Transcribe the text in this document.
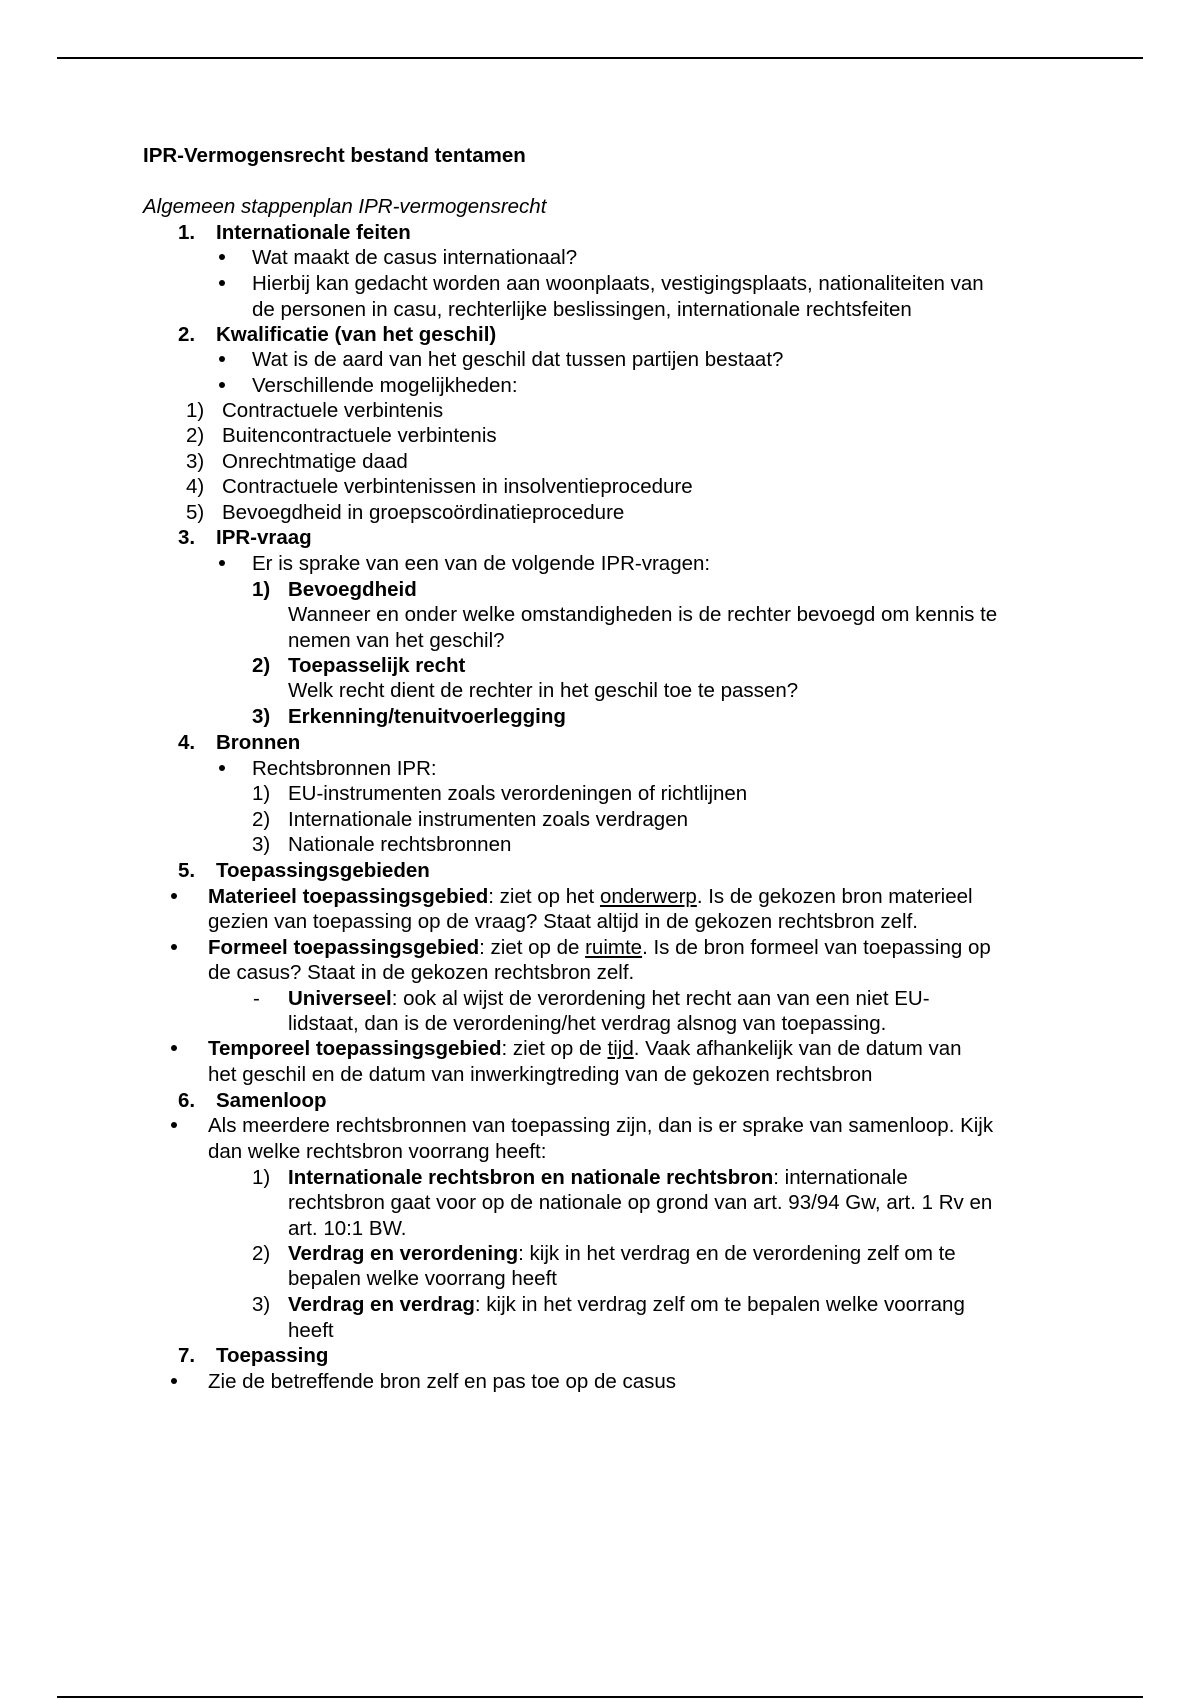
IPR-Vermogensrecht bestand tentamen
Algemeen stappenplan IPR-vermogensrecht
1. Internationale feiten
Wat maakt de casus internationaal?
Hierbij kan gedacht worden aan woonplaats, vestigingsplaats, nationaliteiten van
de personen in casu, rechterlijke beslissingen, internationale rechtsfeiten
2. Kwalificatie (van het geschil)
Wat is de aard van het geschil dat tussen partijen bestaat?
Verschillende mogelijkheden:
1) Contractuele verbintenis
2) Buitencontractuele verbintenis
3) Onrechtmatige daad
4) Contractuele verbintenissen in insolventieprocedure
5) Bevoegdheid in groepscoördinatieprocedure
3. IPR-vraag
Er is sprake van een van de volgende IPR-vragen:
1) Bevoegdheid
Wanneer en onder welke omstandigheden is de rechter bevoegd om kennis te
nemen van het geschil?
2) Toepasselijk recht
Welk recht dient de rechter in het geschil toe te passen?
3) Erkenning/tenuitvoerlegging
4. Bronnen
Rechtsbronnen IPR:
1) EU-instrumenten zoals verordeningen of richtlijnen
2) Internationale instrumenten zoals verdragen
3) Nationale rechtsbronnen
5. Toepassingsgebieden
Materieel toepassingsgebied: ziet op het onderwerp. Is de gekozen bron materieel
gezien van toepassing op de vraag? Staat altijd in de gekozen rechtsbron zelf.
Formeel toepassingsgebied: ziet op de ruimte. Is de bron formeel van toepassing op
de casus? Staat in de gekozen rechtsbron zelf.
- Universeel: ook al wijst de verordening het recht aan van een niet EU-
lidstaat, dan is de verordening/het verdrag alsnog van toepassing.
Temporeel toepassingsgebied: ziet op de tijd. Vaak afhankelijk van de datum van
het geschil en de datum van inwerkingtreding van de gekozen rechtsbron
6. Samenloop
Als meerdere rechtsbronnen van toepassing zijn, dan is er sprake van samenloop. Kijk
dan welke rechtsbron voorrang heeft:
1) Internationale rechtsbron en nationale rechtsbron: internationale
rechtsbron gaat voor op de nationale op grond van art. 93/94 Gw, art. 1 Rv en
art. 10:1 BW.
2) Verdrag en verordening: kijk in het verdrag en de verordening zelf om te
bepalen welke voorrang heeft
3) Verdrag en verdrag: kijk in het verdrag zelf om te bepalen welke voorrang
heeft
7. Toepassing
Zie de betreffende bron zelf en pas toe op de casus
